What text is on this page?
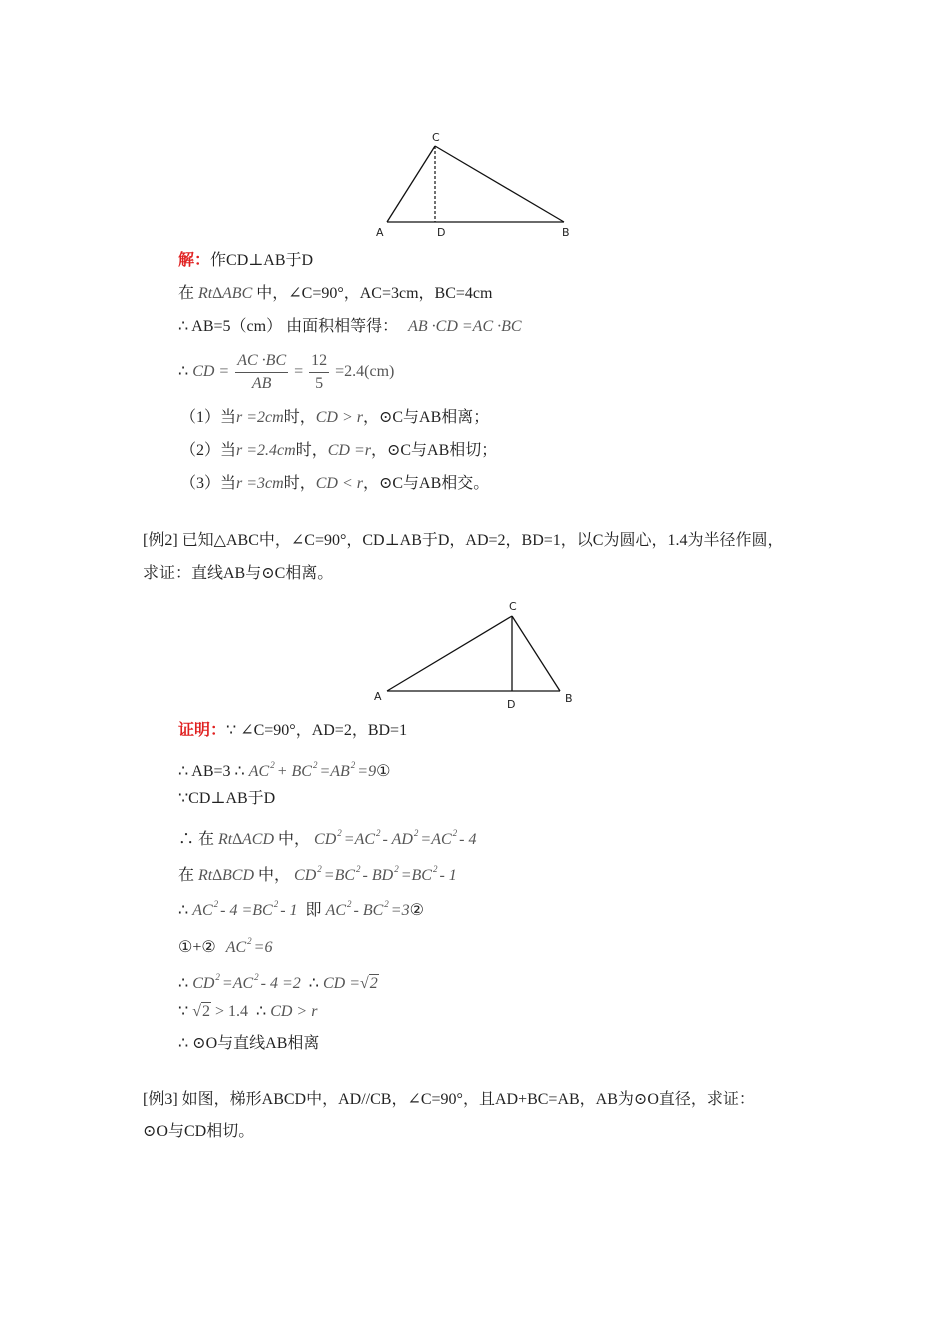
C
A	D	B
解：作CD⊥AB于D
在 Rt∆ABC 中，∠C=90°，AC=3cm，BC=4cm
∴ AB=5（cm） 由面积相等得： AB ·CD =AC ·BC
∴ CD = $\frac{AC \cdot BC}{AB} = \frac{12}{5} =2.4(cm)$
（1）当r =2cm时，CD > r，⊙C与AB相离；
（2）当r =2.4cm时，CD =r，⊙C与AB相切；
（3）当r =3cm时，CD < r，⊙C与AB相交。
[例2] 已知△ABC中，∠C=90°，CD⊥AB于D，AD=2，BD=1，以C为圆心，1.4为半径作圆，
求证：直线AB与⊙C相离。
C
A
D	B
证明：∵ ∠C=90°，AD=2，BD=1
∴ AB=3 ∴ $AC^2 + BC^2 =AB^2$ =9①
∵CD⊥AB于D
∴ 在 Rt∆ACD 中， $CD^2 =AC^2 - AD^2 =AC^2 - 4$
在 Rt∆BCD 中， $CD^2 =BC^2 - BD^2 =BC^2 - 1$
∴ $AC^2 - 4 =BC^2 - 1$ 即 $AC^2 - BC^2$ =3②
①+② $AC^2 =6$
∴ $CD^2 =AC^2 - 4 =2$ ∴ CD =√2
∵ √2 > 1.4 ∴ CD > r
∴ ⊙O与直线AB相离
[例3] 如图，梯形ABCD中，AD//CB，∠C=90°，且AD+BC=AB，AB为⊙O直径，求证：
⊙O与CD相切。
